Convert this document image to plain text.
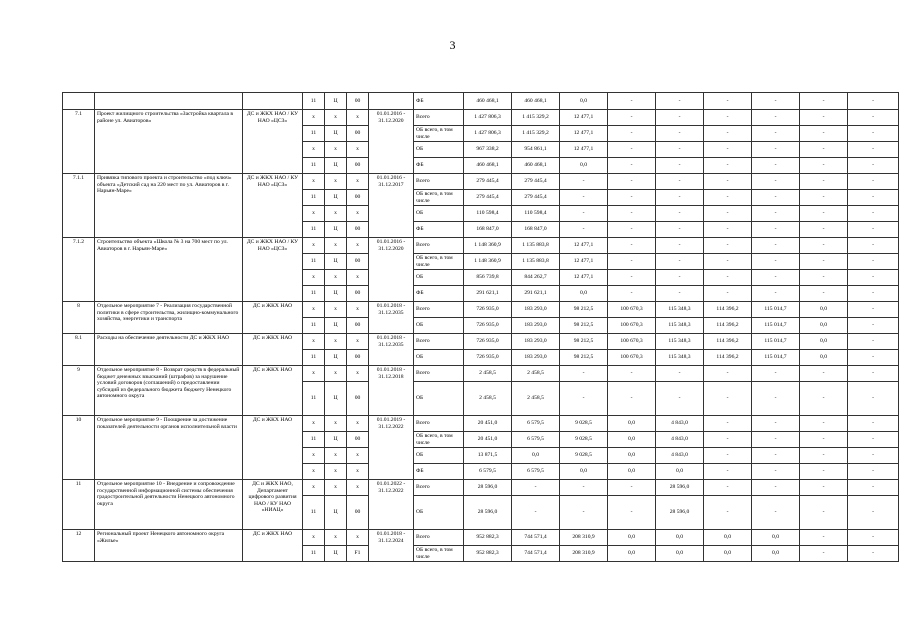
3
			11	Ц	00		ФБ	460 468,1	460 468,1	0,0	-	-	-	-	-	-
7.1	Проект жилищного строительства «Застройка квартала в районе ул. Авиаторов»	ДС и ЖКХ НАО / КУ НАО «ЦСЗ»	х	х	х	01.01.2016 - 31.12.2020	Всего	1 427 806,3	1 415 329,2	12 477,1	-	-	-	-	-	-
			11	Ц	00		ОБ всего, в том числе	1 427 806,3	1 415 329,2	12 477,1	-	-	-	-	-	-
			х	х	х		ОБ	967 338,2	954 861,1	12 477,1	-	-	-	-	-	-
			11	Ц	00		ФБ	460 468,1	460 468,1	0,0	-	-	-	-	-	-
7.1.1	Привязка типового проекта и строительство «под ключ» объекта «Детский сад на 220 мест по ул. Авиаторов в г. Нарьян-Маре»	ДС и ЖКХ НАО / КУ НАО «ЦСЗ»	х	х	х	01.01.2016 - 31.12.2017	Всего	279 445,4	279 445,4	-	-	-	-	-	-	-
			11	Ц	00		ОБ всего, в том числе	279 445,4	279 445,4	-	-	-	-	-	-	-
			х	х	х		ОБ	110 598,4	110 598,4	-	-	-	-	-	-	-
			11	Ц	00		ФБ	168 847,0	168 847,0	-	-	-	-	-	-	-
7.1.2	Строительство объекта «Школа № 3 на 700 мест по ул. Авиаторов в г. Нарьян-Маре»	ДС и ЖКХ НАО / КУ НАО «ЦСЗ»	х	х	х	01.01.2016 - 31.12.2020	Всего	1 148 360,9	1 135 883,8	12 477,1	-	-	-	-	-	-
			11	Ц	00		ОБ всего, в том числе	1 148 360,9	1 135 883,8	12 477,1	-	-	-	-	-	-
			х	х	х		ОБ	856 739,8	844 262,7	12 477,1	-	-	-	-	-	-
			11	Ц	00		ФБ	291 621,1	291 621,1	0,0	-	-	-	-	-	-
8	Отдельное мероприятие 7 - Реализация государственной политики в сфере строительства, жилищно-коммунального хозяйства, энергетики и транспорта	ДС и ЖКХ НАО	х	х	х	01.01.2018 - 31.12.2035	Всего	726 935,0	183 293,0	98 212,5	100 670,3	115 348,3	114 396,2	115 014,7	0,0	-
			11	Ц	00		ОБ	726 935,0	183 293,0	98 212,5	100 670,3	115 348,3	114 396,2	115 014,7	0,0	-
8.1	Расходы на обеспечение деятельности ДС и ЖКХ НАО	ДС и ЖКХ НАО	х	х	х	01.01.2018 - 31.12.2035	Всего	726 935,0	183 293,0	98 212,5	100 670,3	115 348,3	114 396,2	115 014,7	0,0	-
			11	Ц	00		ОБ	726 935,0	183 293,0	98 212,5	100 670,3	115 348,3	114 396,2	115 014,7	0,0	-
9	Отдельное мероприятие 8 - Возврат средств в федеральный бюджет денежных взысканий (штрафов) за нарушение условий договоров (соглашений) о предоставлении субсидий из федерального бюджета бюджету Ненецкого автономного округа	ДС и ЖКХ НАО	х	х	х	01.01.2018 - 31.12.2018	Всего	2 458,5	2 458,5	-	-	-	-	-	-	-
			11	Ц	00		ОБ	2 458,5	2 458,5	-	-	-	-	-	-	-
10	Отдельное мероприятие 9 - Поощрение за достижение показателей деятельности органов исполнительной власти	ДС и ЖКХ НАО	х	х	х	01.01.2019 - 31.12.2022	Всего	20 451,0	6 579,5	9 028,5	0,0	4 843,0	-	-	-	-
			11	Ц	00		ОБ всего, в том числе	20 451,0	6 579,5	9 028,5	0,0	4 843,0	-	-	-	-
			х	х	х		ОБ	13 871,5	0,0	9 028,5	0,0	4 843,0	-	-	-	-
			х	х	х		ФБ	6 579,5	6 579,5	0,0	0,0	0,0	-	-	-	-
11	Отдельное мероприятие 10 - Внедрение и сопровождение государственной информационной системы обеспечения градостроительной деятельности Ненецкого автономного округа	ДС и ЖКХ НАО, Департамент цифрового развития НАО / КУ НАО «НИАЦ»	х	х	х	01.01.2022 - 31.12.2022	Всего	28 596,0	-	-	-	28 596,0	-	-	-	-
			11	Ц	00		ОБ	28 596,0	-	-	-	28 596,0	-	-	-	-
12	Региональный проект Ненецкого автономного округа «Жилье»	ДС и ЖКХ НАО	х	х	х	01.01.2018 - 31.12.2024	Всего	952 882,3	744 571,4	208 310,9	0,0	0,0	0,0	0,0	-	-
			11	Ц	F1		ОБ всего, в том числе	952 882,3	744 571,4	208 310,9	0,0	0,0	0,0	0,0	-	-
